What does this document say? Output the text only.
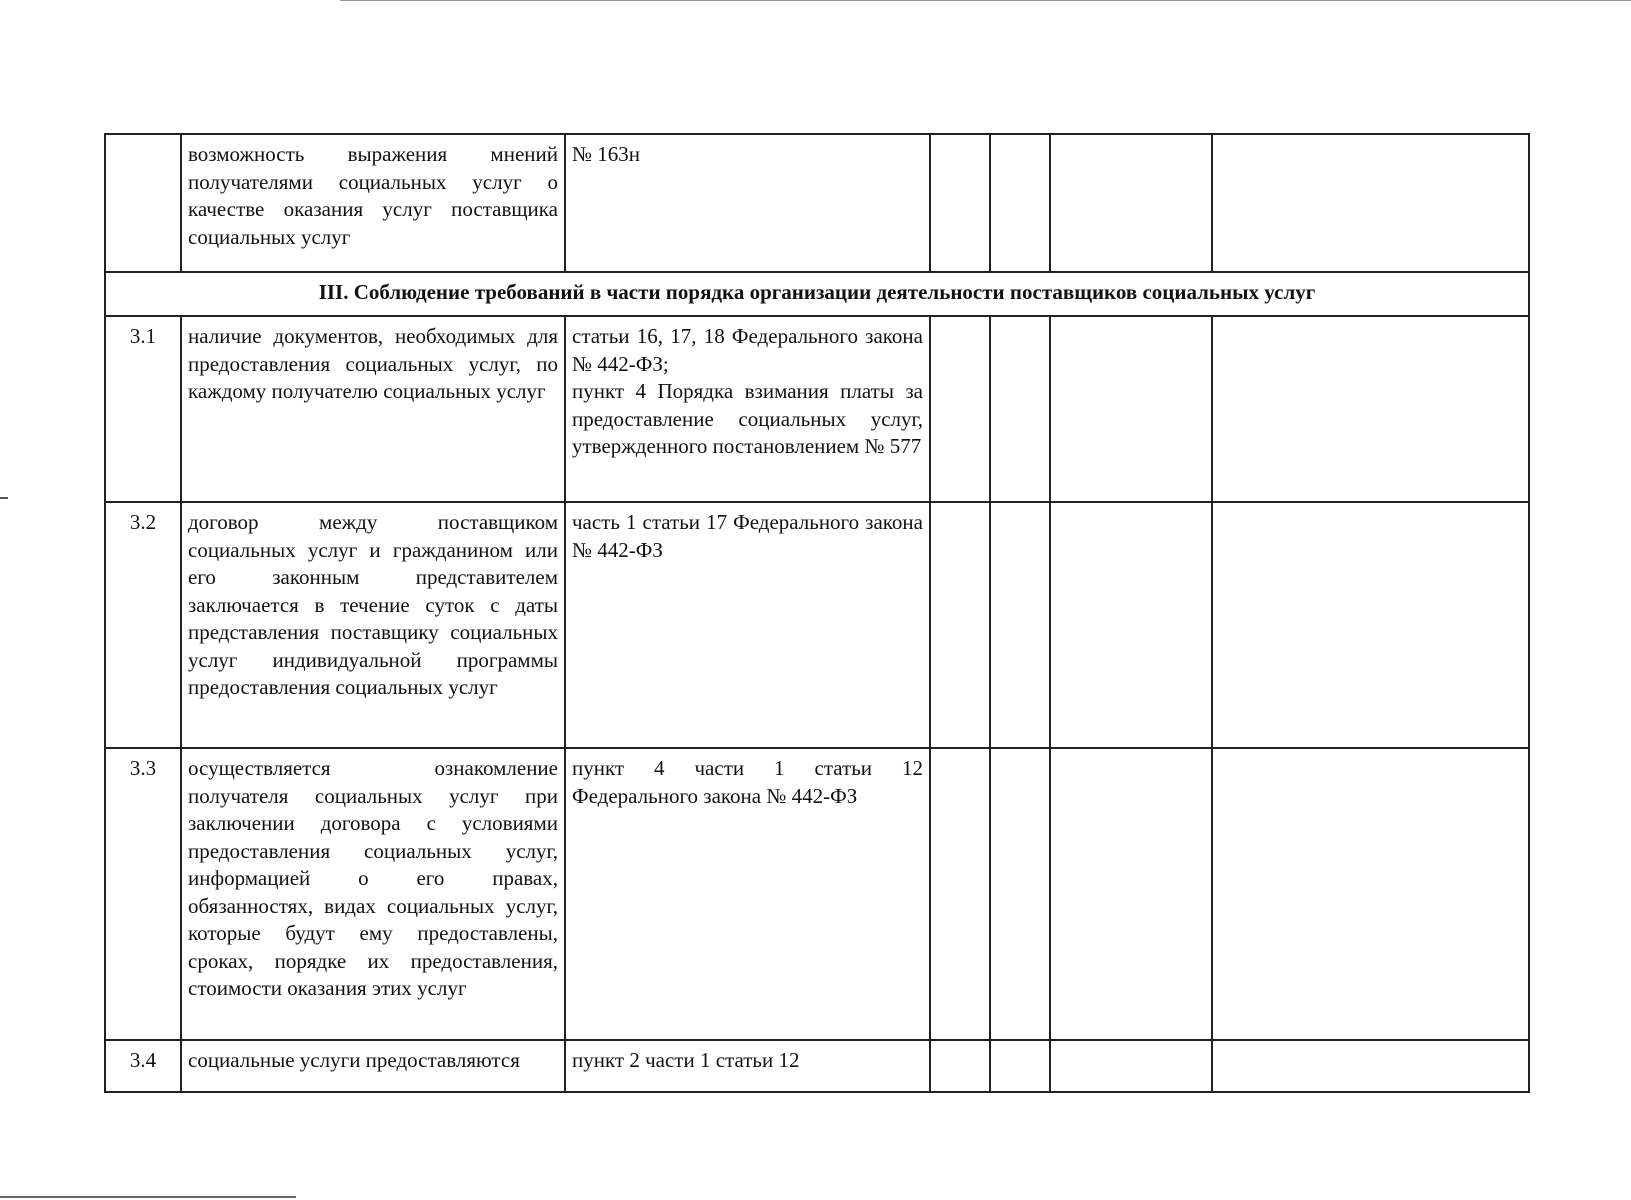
	возможность выражения мнений получателями социальных услуг о качестве оказания услуг поставщика социальных услуг	№ 163н				
III. Соблюдение требований в части порядка организации деятельности поставщиков социальных услуг						
3.1	наличие документов, необходимых для предоставления социальных услуг, по каждому получателю социальных услуг	статьи 16, 17, 18 Федерального закона № 442-ФЗ;
пункт 4 Порядка взимания платы за предоставление социальных услуг, утвержденного постановлением № 577				

3.2	договор между поставщиком социальных услуг и гражданином или его законным представителем заключается в течение суток с даты представления поставщику социальных услуг индивидуальной программы предоставления социальных услуг	часть 1 статьи 17 Федерального закона № 442-ФЗ				
3.3	осуществляется ознакомление получателя социальных услуг при заключении договора с условиями предоставления социальных услуг, информацией о его правах, обязанностях, видах социальных услуг, которые будут ему предоставлены, сроках, порядке их предоставления, стоимости оказания этих услуг	пункт 4 части 1 статьи 12 Федерального закона № 442-ФЗ				
3.4	социальные услуги предоставляются	пункт 2 части 1 статьи 12				
